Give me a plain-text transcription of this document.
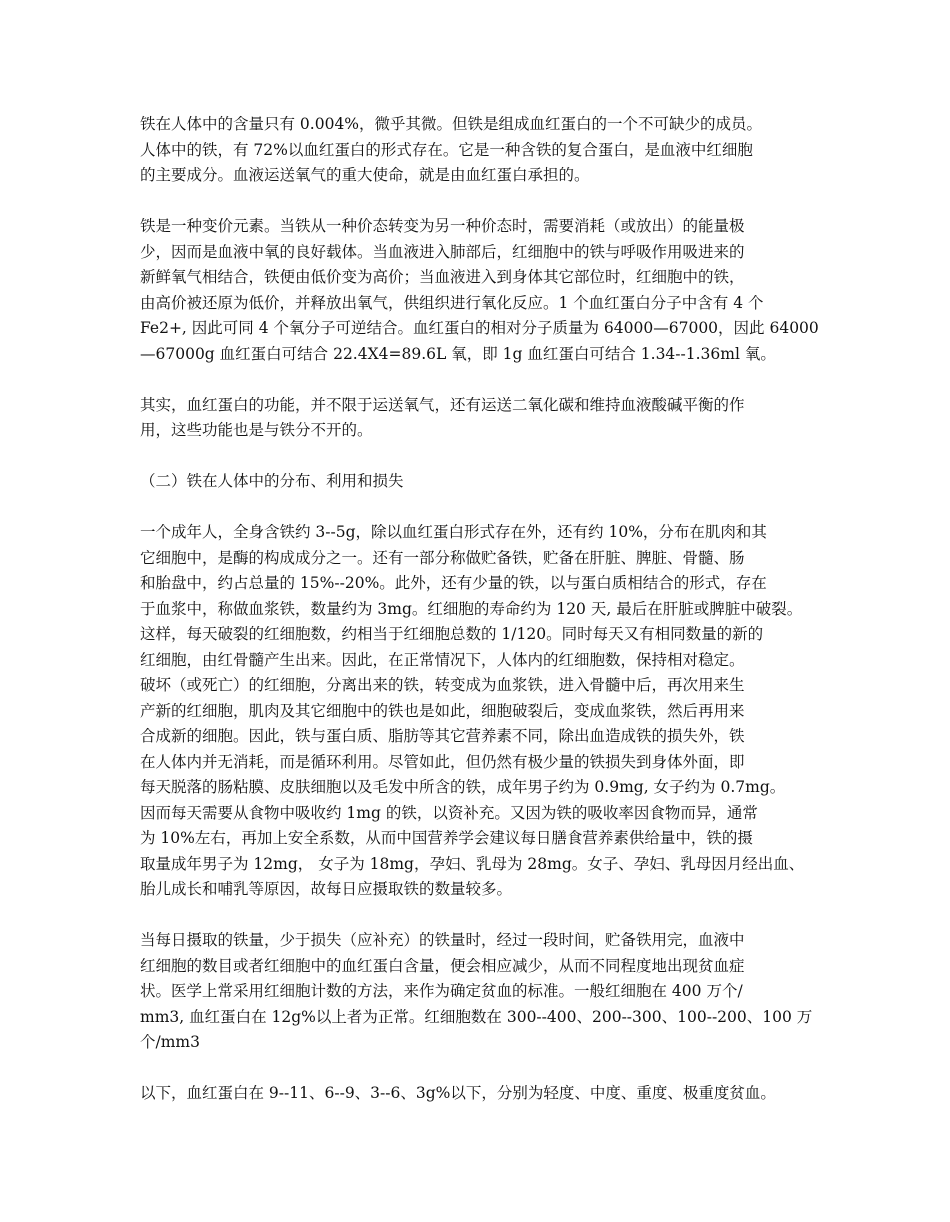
铁在人体中的含量只有 0.004%，微乎其微。但铁是组成血红蛋白的一个不可缺少的成员。
人体中的铁，有 72%以血红蛋白的形式存在。它是一种含铁的复合蛋白，是血液中红细胞
的主要成分。血液运送氧气的重大使命，就是由血红蛋白承担的。

铁是一种变价元素。当铁从一种价态转变为另一种价态时，需要消耗（或放出）的能量极
少，因而是血液中氧的良好载体。当血液进入肺部后，红细胞中的铁与呼吸作用吸进来的
新鲜氧气相结合，铁便由低价变为高价；当血液进入到身体其它部位时，红细胞中的铁，
由高价被还原为低价，并释放出氧气，供组织进行氧化反应。1 个血红蛋白分子中含有 4 个
Fe2+, 因此可同 4 个氧分子可逆结合。血红蛋白的相对分子质量为 64000—67000，因此 64000
—67000g 血红蛋白可结合 22.4Ⅹ4=89.6L 氧，即 1g 血红蛋白可结合 1.34--1.36ml 氧。

其实，血红蛋白的功能，并不限于运送氧气，还有运送二氧化碳和维持血液酸碱平衡的作
用，这些功能也是与铁分不开的。

（二）铁在人体中的分布、利用和损失

一个成年人，全身含铁约 3--5g，除以血红蛋白形式存在外，还有约 10%，分布在肌肉和其
它细胞中，是酶的构成成分之一。还有一部分称做贮备铁，贮备在肝脏、脾脏、骨髓、肠
和胎盘中，约占总量的 15%--20%。此外，还有少量的铁，以与蛋白质相结合的形式，存在
于血浆中，称做血浆铁，数量约为 3mg。红细胞的寿命约为 120 天, 最后在肝脏或脾脏中破裂。
这样，每天破裂的红细胞数，约相当于红细胞总数的 1/120。同时每天又有相同数量的新的
红细胞，由红骨髓产生出来。因此，在正常情况下，人体内的红细胞数，保持相对稳定。
破坏（或死亡）的红细胞，分离出来的铁，转变成为血浆铁，进入骨髓中后，再次用来生
产新的红细胞，肌肉及其它细胞中的铁也是如此，细胞破裂后，变成血浆铁，然后再用来
合成新的细胞。因此，铁与蛋白质、脂肪等其它营养素不同，除出血造成铁的损失外，铁
在人体内并无消耗，而是循环利用。尽管如此，但仍然有极少量的铁损失到身体外面，即
每天脱落的肠粘膜、皮肤细胞以及毛发中所含的铁，成年男子约为 0.9mg, 女子约为 0.7mg。
因而每天需要从食物中吸收约 1mg 的铁，以资补充。又因为铁的吸收率因食物而异，通常
为 10%左右，再加上安全系数，从而中国营养学会建议每日膳食营养素供给量中，铁的摄
取量成年男子为 12mg， 女子为 18mg，孕妇、乳母为 28mg。女子、孕妇、乳母因月经出血、
胎儿成长和哺乳等原因，故每日应摄取铁的数量较多。

当每日摄取的铁量，少于损失（应补充）的铁量时，经过一段时间，贮备铁用完，血液中
红细胞的数目或者红细胞中的血红蛋白含量，便会相应减少，从而不同程度地出现贫血症
状。医学上常采用红细胞计数的方法，来作为确定贫血的标准。一般红细胞在 400 万个/
mm3, 血红蛋白在 12g%以上者为正常。红细胞数在 300--400、200--300、100--200、100 万
个/mm3

以下，血红蛋白在 9--11、6--9、3--6、3g%以下，分别为轻度、中度、重度、极重度贫血。
